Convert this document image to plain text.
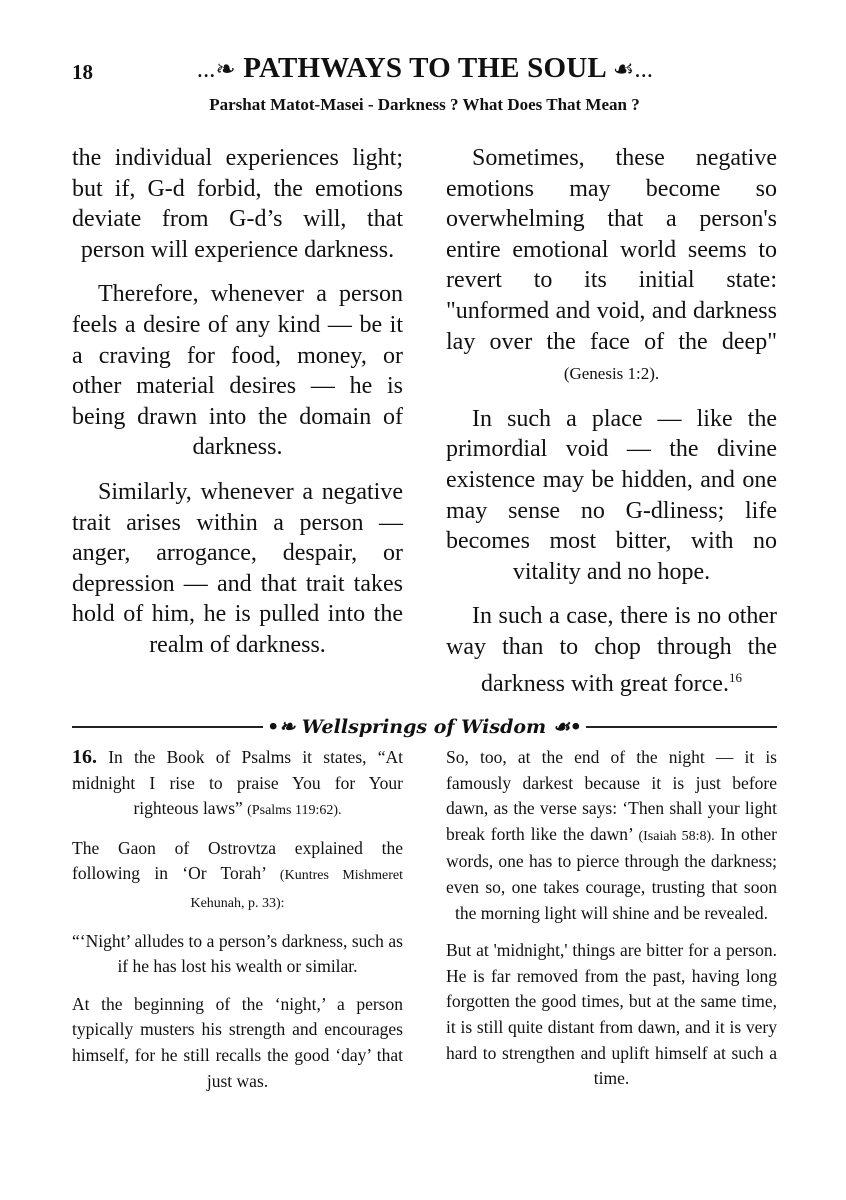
18	...❧ PATHWAYS TO THE SOUL ☙...
Parshat Matot-Masei - Darkness ? What Does That Mean ?

the individual experiences light; but if, G-d forbid, the emotions deviate from G-d’s will, that person will experience darkness.

Therefore, whenever a person feels a desire of any kind — be it a craving for food, money, or other material desires — he is being drawn into the domain of darkness.

Similarly, whenever a negative trait arises within a person — anger, arrogance, despair, or depression — and that trait takes hold of him, he is pulled into the realm of darkness.

Sometimes, these negative emotions may become so overwhelming that a person's entire emotional world seems to revert to its initial state: "unformed and void, and darkness lay over the face of the deep" (Genesis 1:2).

In such a place — like the primordial void — the divine existence may be hidden, and one may sense no G-dliness; life becomes most bitter, with no vitality and no hope.

In such a case, there is no other way than to chop through the darkness with great force.$^{16}$

•❧ Wellsprings of Wisdom ☙•

16. In the Book of Psalms it states, “At midnight I rise to praise You for Your righteous laws” (Psalms 119:62).

The Gaon of Ostrovtza explained the following in ‘Or Torah’ (Kuntres Mishmeret Kehunah, p. 33):

“‘Night’ alludes to a person’s darkness, such as if he has lost his wealth or similar.

At the beginning of the ‘night,’ a person typically musters his strength and encourages himself, for he still recalls the good ‘day’ that just was.

So, too, at the end of the night — it is famously darkest because it is just before dawn, as the verse says: ‘Then shall your light break forth like the dawn’ (Isaiah 58:8). In other words, one has to pierce through the darkness; even so, one takes courage, trusting that soon the morning light will shine and be revealed.

But at 'midnight,' things are bitter for a person. He is far removed from the past, having long forgotten the good times, but at the same time, it is still quite distant from dawn, and it is very hard to strengthen and uplift himself at such a time.
